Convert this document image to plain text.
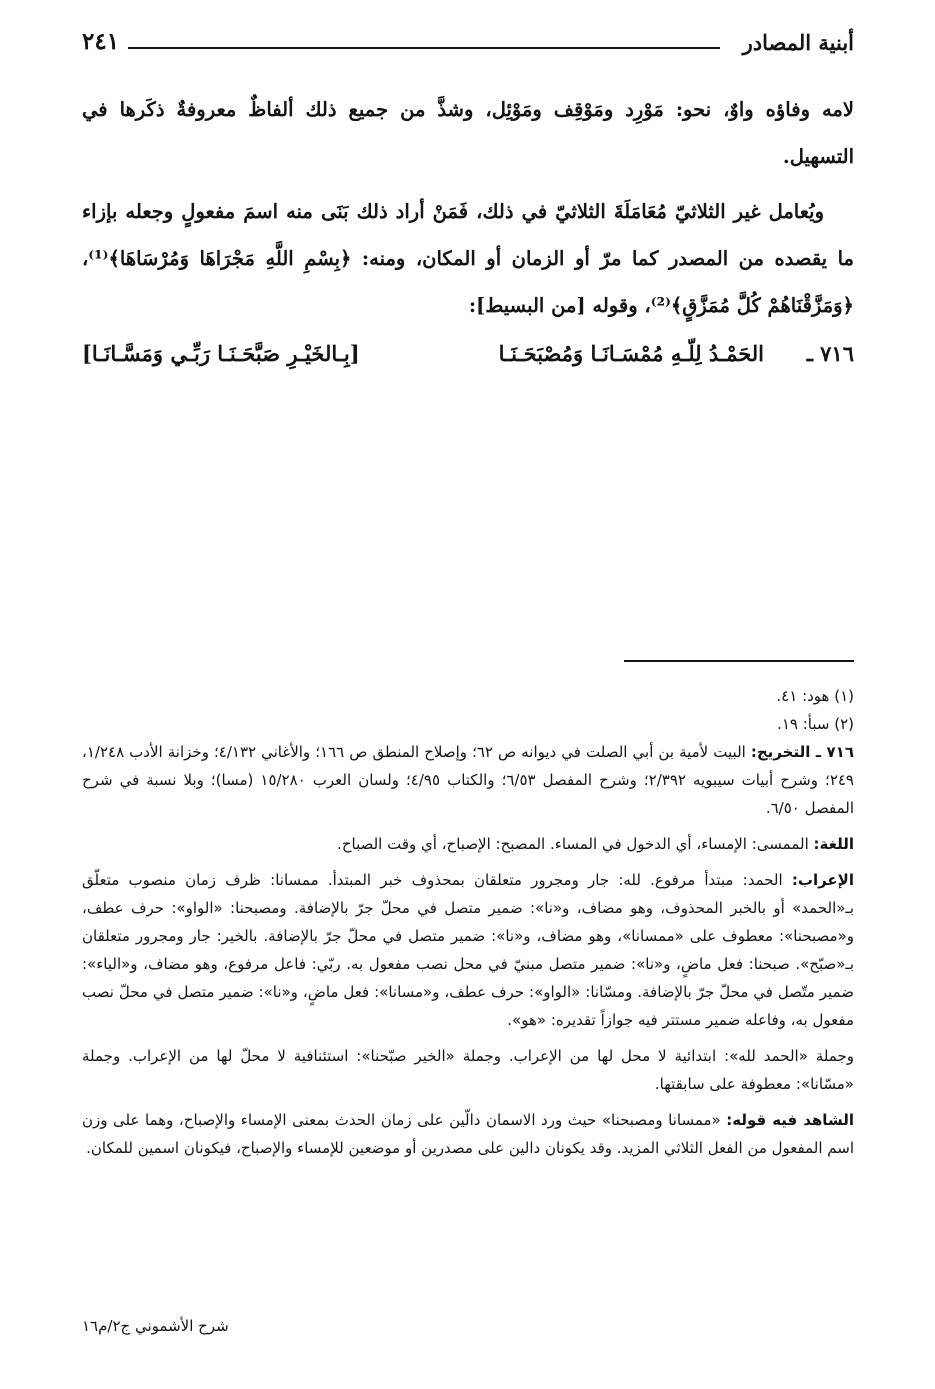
أبنية المصادر
٢٤١

لامه وفاؤه واوٌ، نحو: مَوْرِد ومَوْقِف ومَوْئِل، وشذَّ من جميع ذلك ألفاظٌ معروفةٌ ذكَرها في التسهيل.

ويُعامل غير الثلاثيّ مُعَامَلَةَ الثلاثيّ في ذلك، فَمَنْ أراد ذلك بَنَى منه اسمَ مفعولٍ وجعله بإزاء ما يقصده من المصدر كما مرّ أو الزمان أو المكان، ومنه: ﴿بِسْمِ اللَّهِ مَجْرَاهَا وَمُرْسَاهَا﴾⁽¹⁾، ﴿وَمَزَّقْنَاهُمْ كُلَّ مُمَزَّقٍ﴾⁽²⁾، وقوله [من البسيط]:

٧١٦ ـ
الحَمْـدُ لِلّـهِ مُمْسَـانَـا وَمُصْبَحَـنَـا
[بِـالخَيْـرِ صَبَّحَـنَـا رَبِّـي وَمَسَّـانَـا]

(١) هود: ٤١.

(٢) سبأ: ١٩.

٧١٦ ـ التخريج: البيت لأمية بن أبي الصلت في ديوانه ص ٦٢؛ وإصلاح المنطق ص ١٦٦؛ والأغاني ٤/١٣٢؛ وخزانة الأدب ١/٢٤٨، ٢٤٩؛ وشرح أبيات سيبويه ٢/٣٩٢؛ وشرح المفصل ٦/٥٣؛ والكتاب ٤/٩٥؛ ولسان العرب ١٥/٢٨٠ (مسا)؛ وبلا نسبة في شرح المفصل ٦/٥٠.

اللغة: الممسى: الإمساء، أي الدخول في المساء. المصبح: الإصباح، أي وقت الصباح.

الإعراب: الحمد: مبتدأ مرفوع. لله: جار ومجرور متعلقان بمحذوف خبر المبتدأ. ممسانا: ظرف زمان منصوب متعلّق بـ«الحمد» أو بالخبر المحذوف، وهو مضاف، و«نا»: ضمير متصل في محلّ جرّ بالإضافة. ومصبحنا: «الواو»: حرف عطف، و«مصبحنا»: معطوف على «ممسانا»، وهو مضاف، و«نا»: ضمير متصل في محلّ جرّ بالإضافة. بالخير: جار ومجرور متعلقان بـ«صبّح». صبحنا: فعل ماضٍ، و«نا»: ضمير متصل مبنيّ في محل نصب مفعول به. ربّي: فاعل مرفوع، وهو مضاف، و«الياء»: ضمير متّصل في محلّ جرّ بالإضافة. ومسّانا: «الواو»: حرف عطف، و«مسانا»: فعل ماضٍ، و«نا»: ضمير متصل في محلّ نصب مفعول به، وفاعله ضمير مستتر فيه جوازاً تقديره: «هو».

وجملة «الحمد لله»: ابتدائية لا محل لها من الإعراب. وجملة «الخير صبّحنا»: استئنافية لا محلّ لها من الإعراب. وجملة «مسّانا»: معطوفة على سابقتها.

الشاهد فيه قوله: «ممسانا ومصبحنا» حيث ورد الاسمان دالّين على زمان الحدث بمعنى الإمساء والإصباح، وهما على وزن اسم المفعول من الفعل الثلاثي المزيد. وقد يكونان دالين على مصدرين أو موضعين للإمساء والإصباح، فيكونان اسمين للمكان.

شرح الأشموني ج٢/م١٦
